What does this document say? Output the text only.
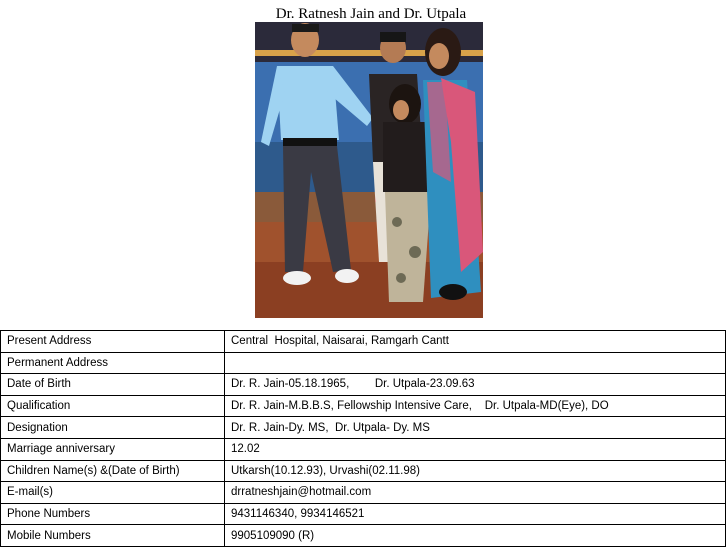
Dr. Ratnesh Jain and Dr. Utpala
Present Address	Central  Hospital, Naisarai, Ramgarh Cantt
Permanent Address	
Date of Birth	Dr. R. Jain-05.18.1965,        Dr. Utpala-23.09.63
Qualification	Dr. R. Jain-M.B.B.S, Fellowship Intensive Care,    Dr. Utpala-MD(Eye), DO
Designation	Dr. R. Jain-Dy. MS,  Dr. Utpala- Dy. MS
Marriage anniversary	12.02
Children Name(s) &(Date of Birth)	Utkarsh(10.12.93), Urvashi(02.11.98)
E-mail(s)	drratneshjain@hotmail.com
Phone Numbers	9431146340, 9934146521
Mobile Numbers	9905109090 (R)
